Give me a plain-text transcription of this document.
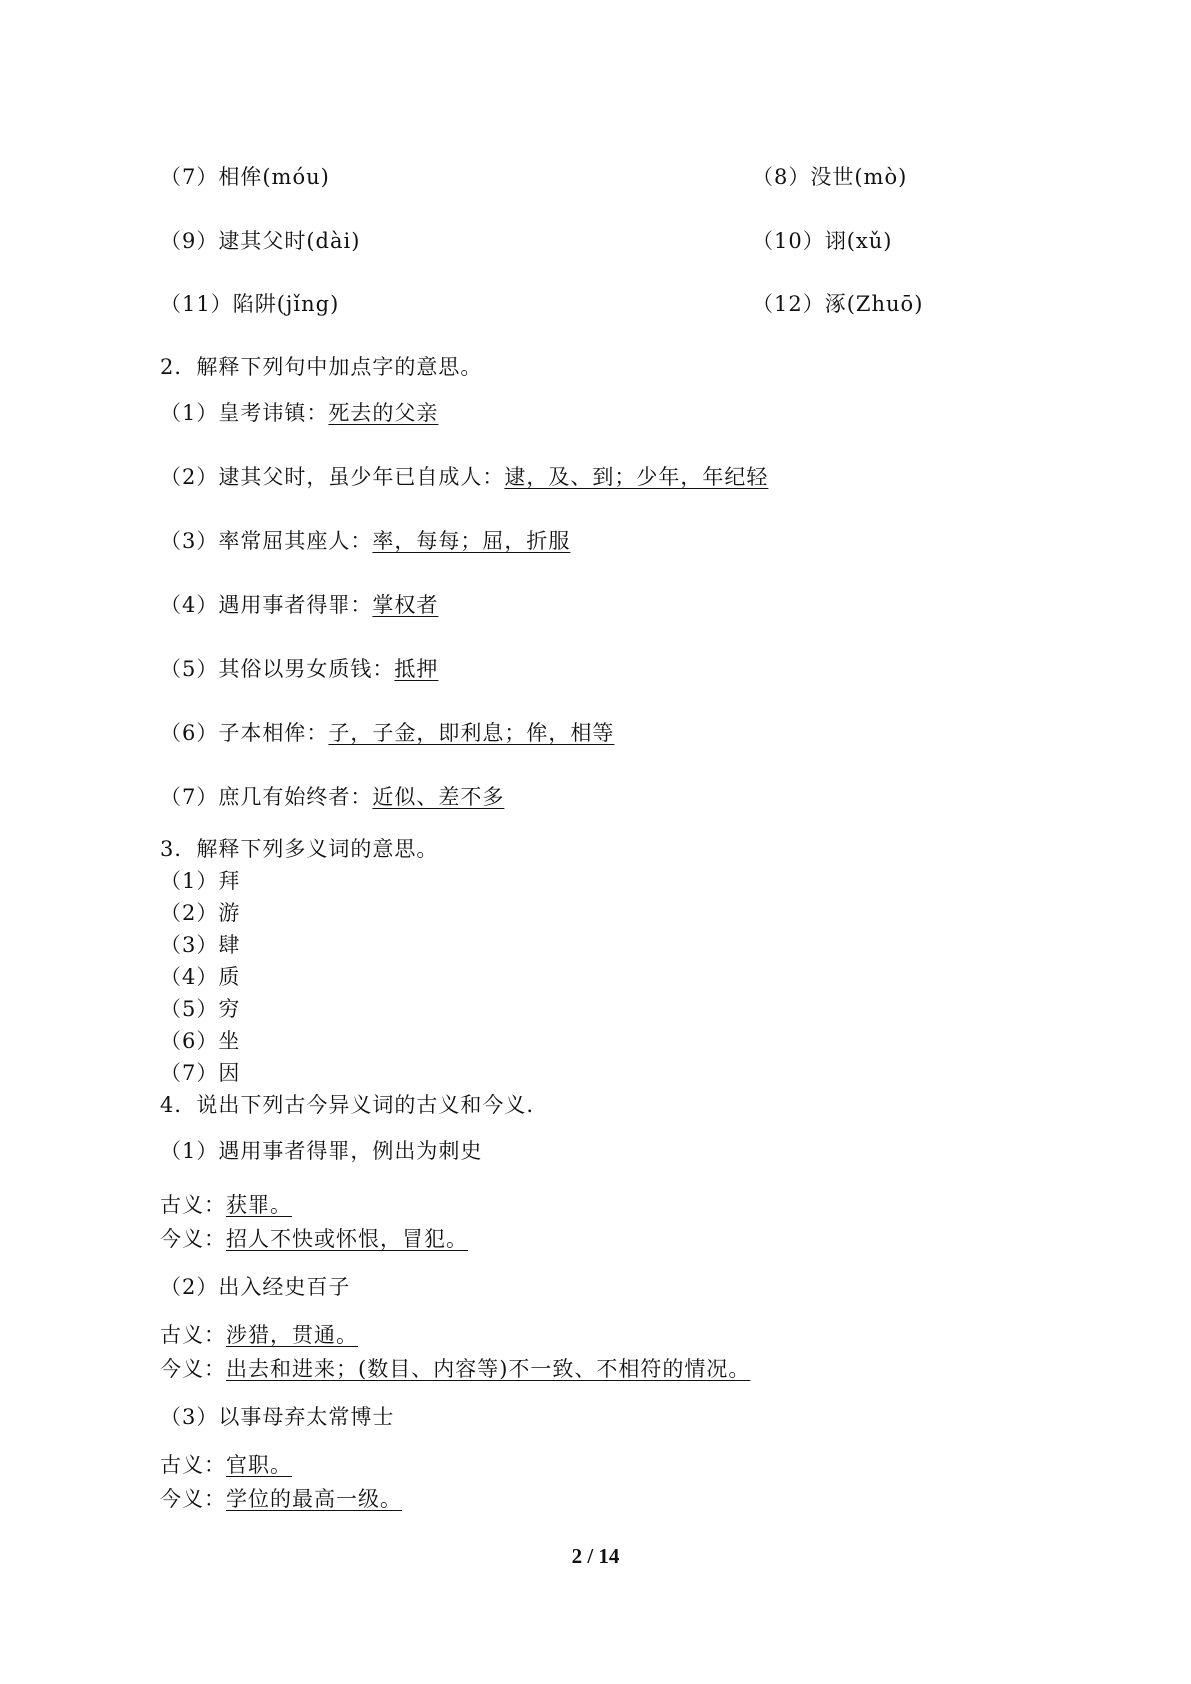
（7）相侔(móu)	（8）没世(mò)
（9）逮其父时(dài)	（10）诩(xǔ)
（11）陷阱(jǐng)	（12）涿(Zhuō)
2．解释下列句中加点字的意思。
（1）皇考讳镇：死去的父亲
（2）逮其父时，虽少年已自成人：逮，及、到；少年，年纪轻
（3）率常屈其座人：率，每每；屈，折服
（4）遇用事者得罪：掌权者
（5）其俗以男女质钱：抵押
（6）子本相侔：子，子金，即利息；侔，相等
（7）庶几有始终者：近似、差不多
3．解释下列多义词的意思。
（1）拜
（2）游
（3）肆
（4）质
（5）穷
（6）坐
（7）因
4．说出下列古今异义词的古义和今义.
（1）遇用事者得罪，例出为刺史
古义：获罪。
今义：招人不快或怀恨，冒犯。
（2）出入经史百子
古义：涉猎，贯通。
今义：出去和进来；(数目、内容等)不一致、不相符的情况。
（3）以事母弃太常博士
古义：官职。
今义：学位的最高一级。
2 / 14
